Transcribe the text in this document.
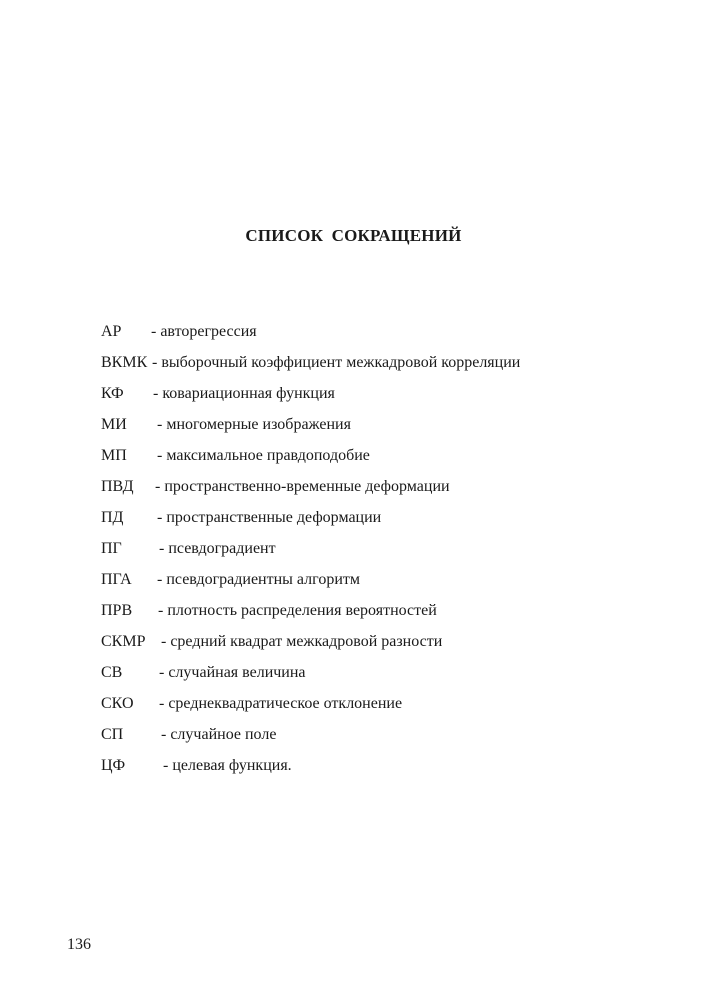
СПИСОК СОКРАЩЕНИЙ
АР - авторегрессия
ВКМК - выборочный коэффициент межкадровой корреляции
КФ - ковариационная функция
МИ - многомерные изображения
МП - максимальное правдоподобие
ПВД - пространственно-временные деформации
ПД - пространственные деформации
ПГ - псевдоградиент
ПГА - псевдоградиентны алгоритм
ПРВ - плотность распределения вероятностей
СКМР - средний квадрат межкадровой разности
СВ - случайная величина
СКО - среднеквадратическое отклонение
СП - случайное поле
ЦФ - целевая функция.
136
